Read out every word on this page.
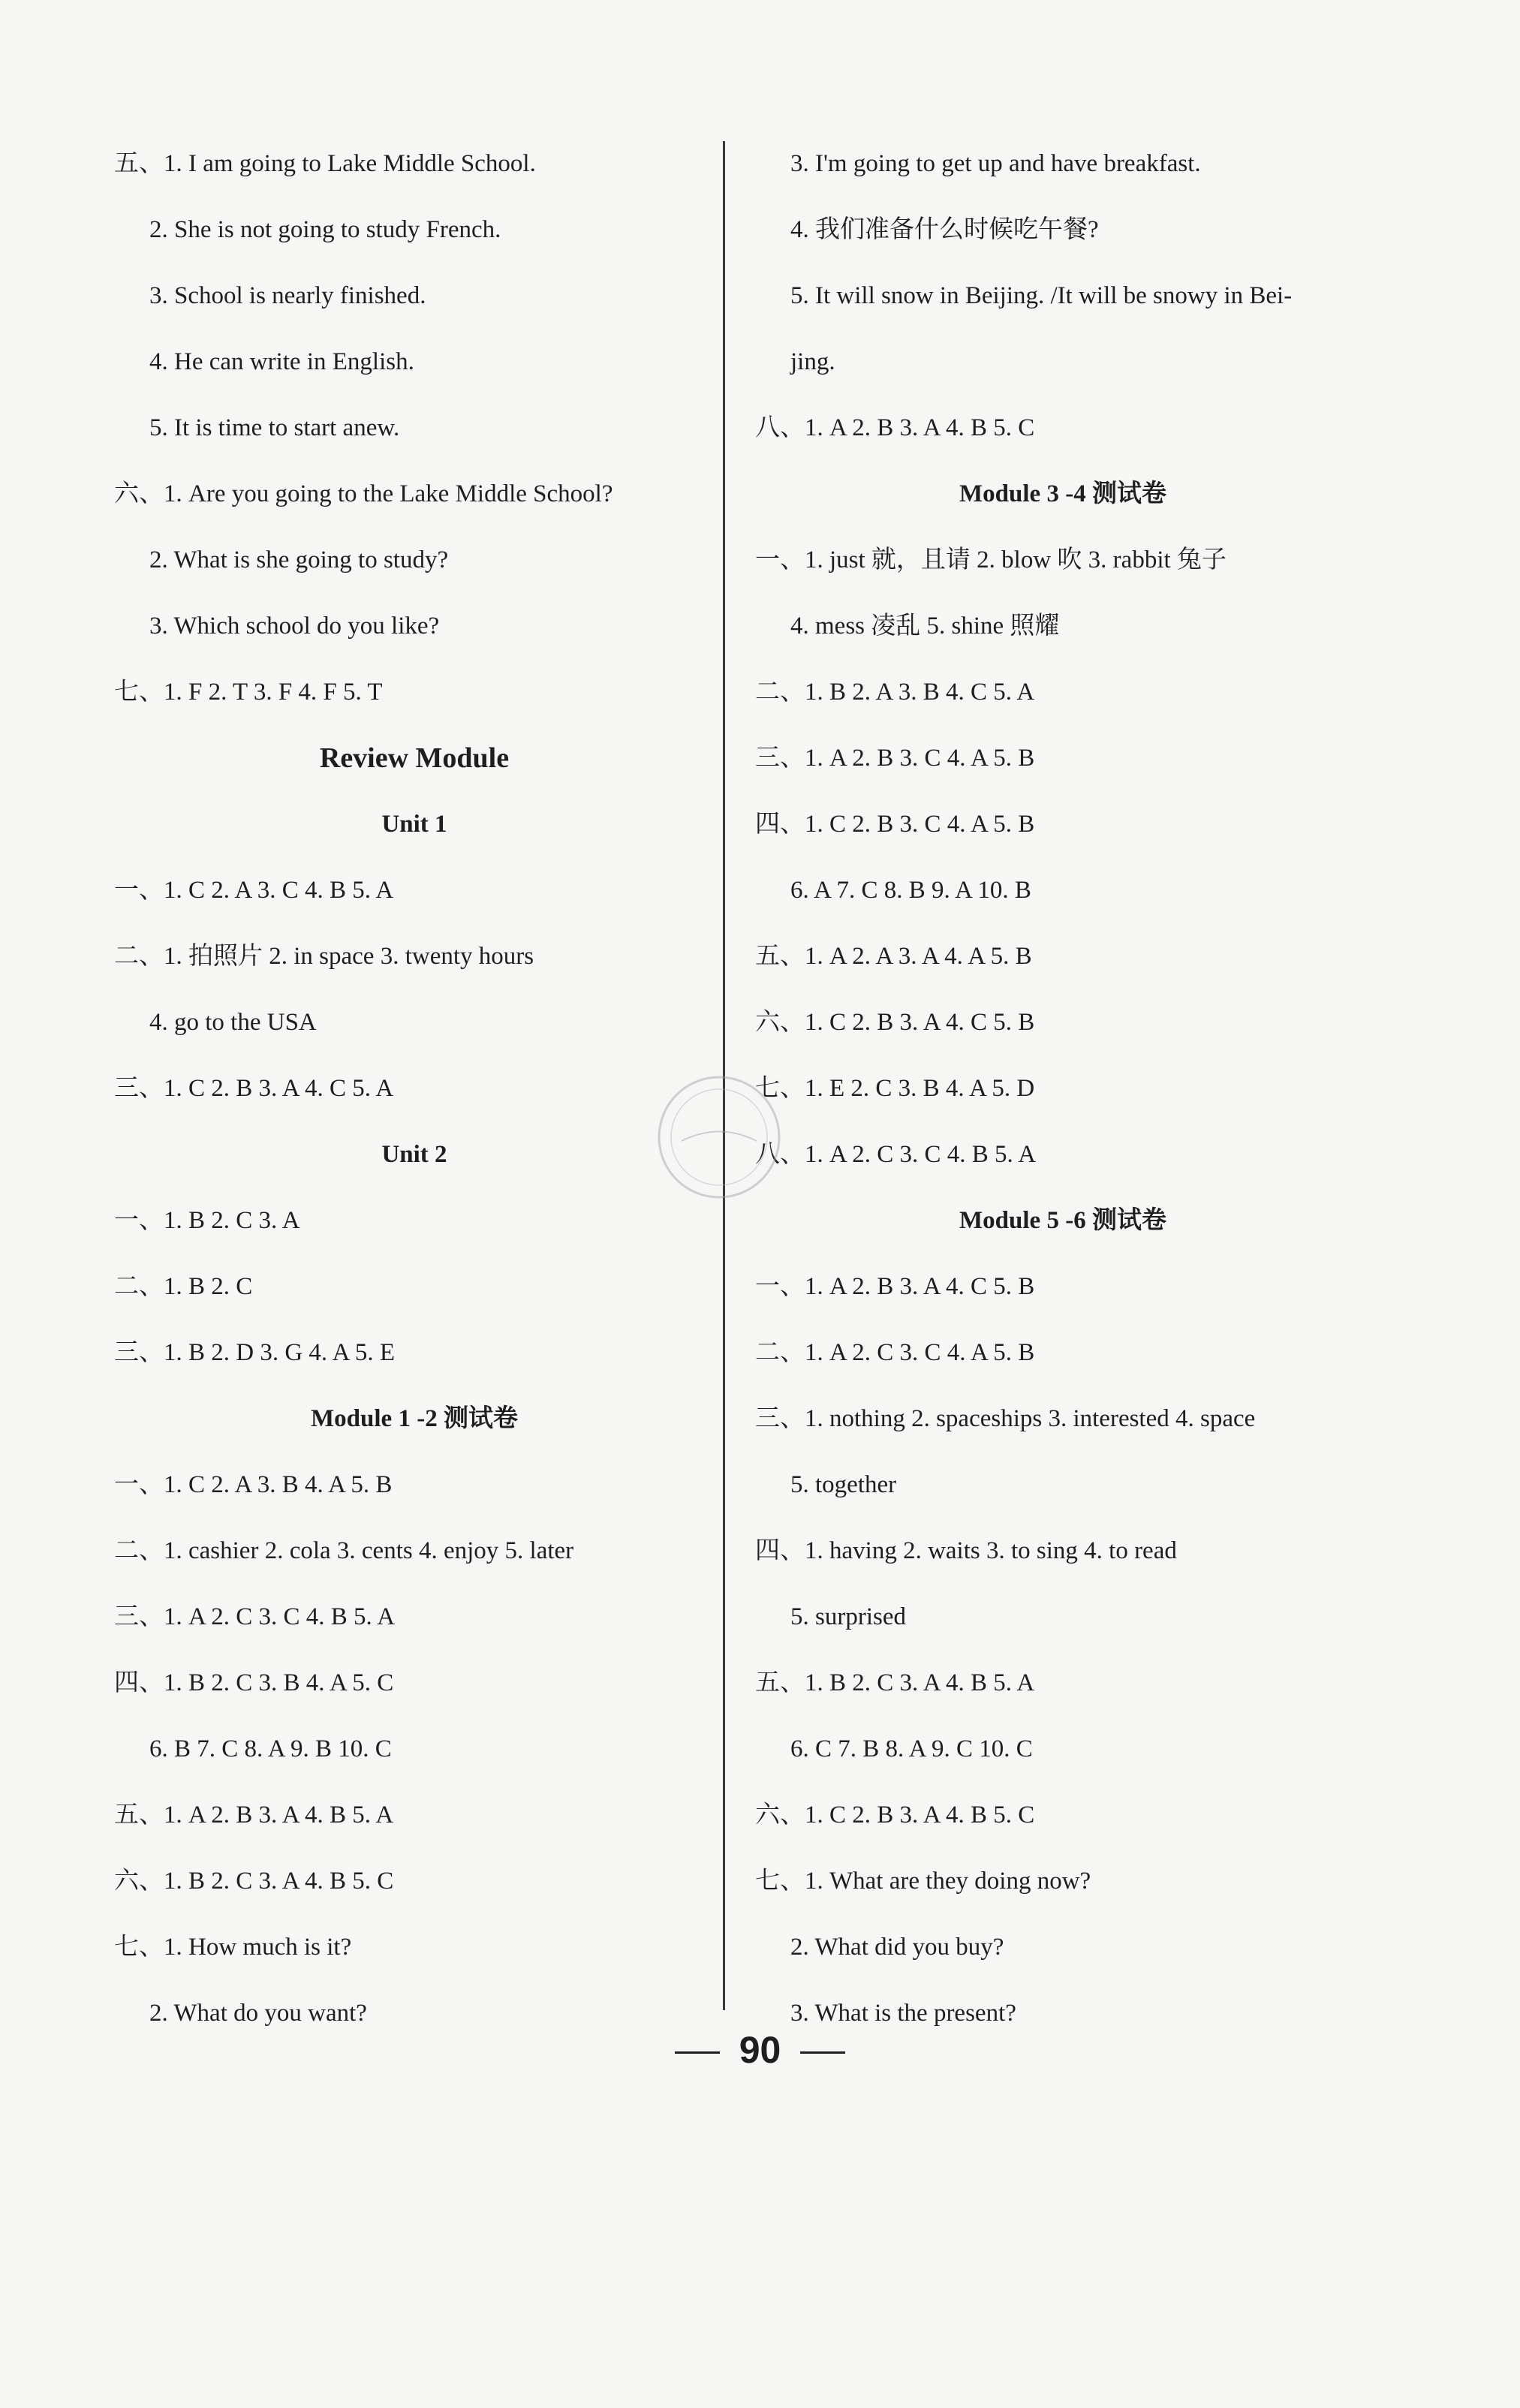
五、1. I am going to Lake Middle School.
2. She is not going to study French.
3. School is nearly finished.
4. He can write in English.
5. It is time to start anew.
六、1. Are you going to the Lake Middle School?
2. What is she going to study?
3. Which school do you like?
七、1. F 2. T 3. F 4. F 5. T
Review Module
Unit 1
一、1. C 2. A 3. C 4. B 5. A
二、1. 拍照片 2. in space 3. twenty hours
4. go to the USA
三、1. C 2. B 3. A 4. C 5. A
Unit 2
一、1. B 2. C 3. A
二、1. B 2. C
三、1. B 2. D 3. G 4. A 5. E
Module 1 -2 测试卷
一、1. C 2. A 3. B 4. A 5. B
二、1. cashier 2. cola 3. cents 4. enjoy 5. later
三、1. A 2. C 3. C 4. B 5. A
四、1. B 2. C 3. B 4. A 5. C
6. B 7. C 8. A 9. B 10. C
五、1. A 2. B 3. A 4. B 5. A
六、1. B 2. C 3. A 4. B 5. C
七、1. How much is it?
2. What do you want?
3. I'm going to get up and have breakfast.
4. 我们准备什么时候吃午餐?
5. It will snow in Beijing. /It will be snowy in Bei-
jing.
八、1. A 2. B 3. A 4. B 5. C
Module 3 -4 测试卷
一、1. just 就，且请 2. blow 吹 3. rabbit 兔子
4. mess 凌乱 5. shine 照耀
二、1. B 2. A 3. B 4. C 5. A
三、1. A 2. B 3. C 4. A 5. B
四、1. C 2. B 3. C 4. A 5. B
6. A 7. C 8. B 9. A 10. B
五、1. A 2. A 3. A 4. A 5. B
六、1. C 2. B 3. A 4. C 5. B
七、1. E 2. C 3. B 4. A 5. D
八、1. A 2. C 3. C 4. B 5. A
Module 5 -6 测试卷
一、1. A 2. B 3. A 4. C 5. B
二、1. A 2. C 3. C 4. A 5. B
三、1. nothing 2. spaceships 3. interested 4. space
5. together
四、1. having 2. waits 3. to sing 4. to read
5. surprised
五、1. B 2. C 3. A 4. B 5. A
6. C 7. B 8. A 9. C 10. C
六、1. C 2. B 3. A 4. B 5. C
七、1. What are they doing now?
2. What did you buy?
3. What is the present?
90
